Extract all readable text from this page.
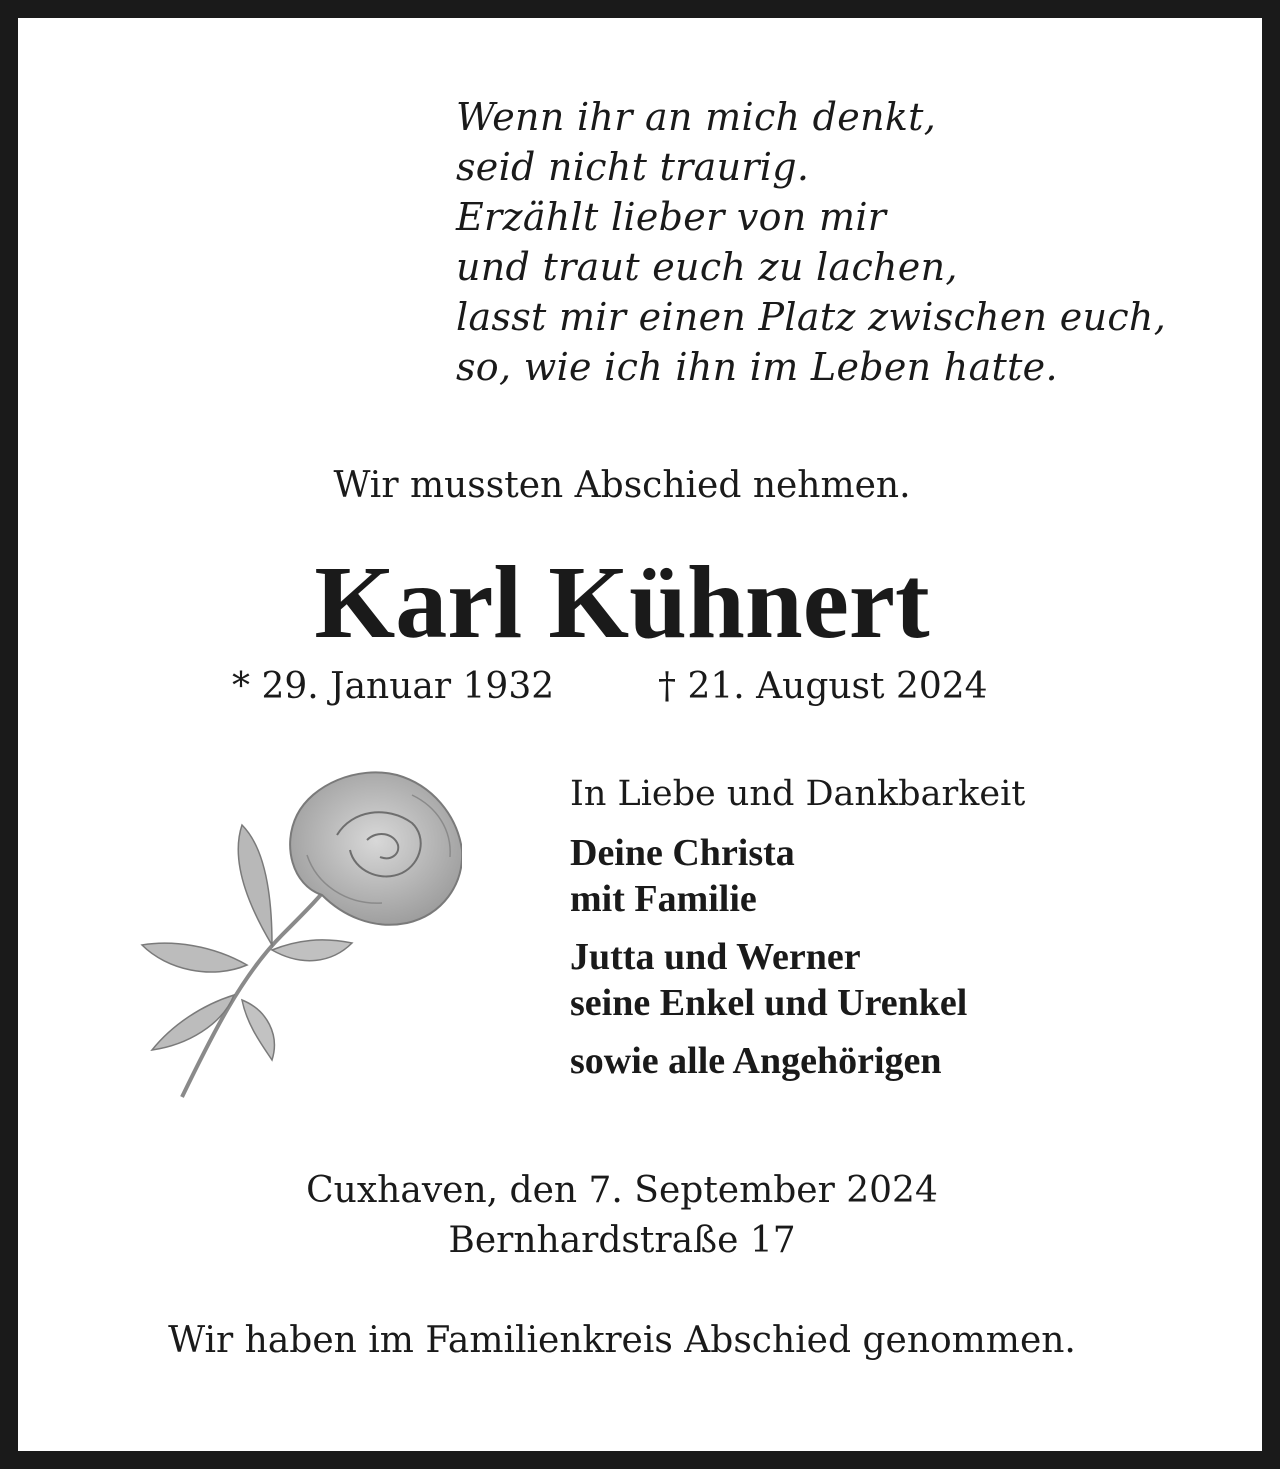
Wenn ihr an mich denkt,
seid nicht traurig.
Erzählt lieber von mir
und traut euch zu lachen,
lasst mir einen Platz zwischen euch,
so, wie ich ihn im Leben hatte.
Wir mussten Abschied nehmen.
Karl Kühnert
* 29. Januar 1932	† 21. August 2024
In Liebe und Dankbarkeit
Deine Christa
mit Familie
Jutta und Werner
seine Enkel und Urenkel
sowie alle Angehörigen
Cuxhaven, den 7. September 2024
Bernhardstraße 17
Wir haben im Familienkreis Abschied genommen.
